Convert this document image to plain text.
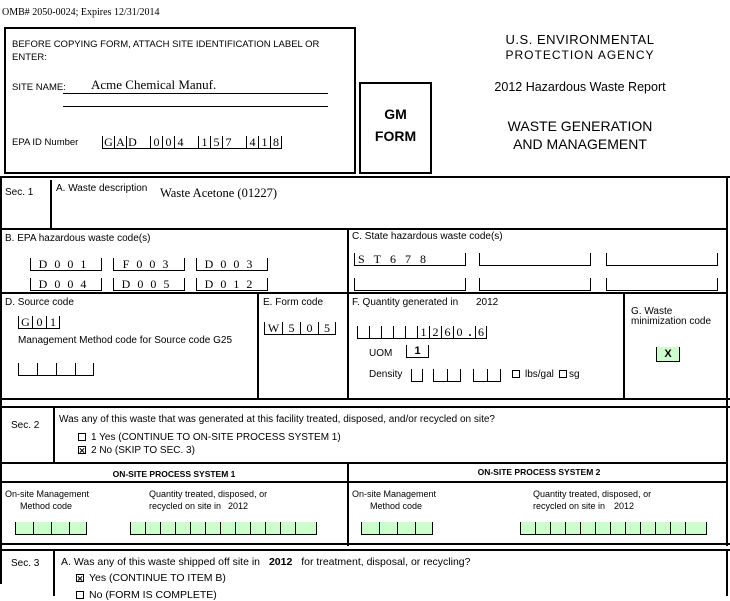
OMB# 2050-0024; Expires 12/31/2014
BEFORE COPYING FORM, ATTACH SITE IDENTIFICATION LABEL OR
ENTER:
SITE NAME: Acme Chemical Manuf.
EPA ID Number G A D 0 0 4 1 5 7 4 1 8
GM
FORM
U.S. ENVIRONMENTAL
PROTECTION AGENCY
2012 Hazardous Waste Report
WASTE GENERATION
AND MANAGEMENT
Sec. 1 A. Waste description Waste Acetone (01227)
B. EPA hazardous waste code(s)
D001	F003	D003
D004	D005	D012
C. State hazardous waste code(s)
ST678
D. Source code
G 0 1
Management Method code for Source code G25
E. Form code
W 5	0 5
F. Quantity generated in 2012
1 2 6 0 . 6
UOM	1
Density	lbs/gal	sg
G. Waste
minimization code
X
Sec. 2
Was any of this waste that was generated at this facility treated, disposed, and/or recycled on site?
1 Yes (CONTINUE TO ON-SITE PROCESS SYSTEM 1)
2 No (SKIP TO SEC. 3)
ON-SITE PROCESS SYSTEM 1	ON-SITE PROCESS SYSTEM 2
On-site Management
Method code
Quantity treated, disposed, or
recycled on site in 2012
On-site Management
Method code
Quantity treated, disposed, or
recycled on site in 2012
Sec. 3 A. Was any of this waste shipped off site in 2012 for treatment, disposal, or recycling?
Yes (CONTINUE TO ITEM B)
No (FORM IS COMPLETE)
